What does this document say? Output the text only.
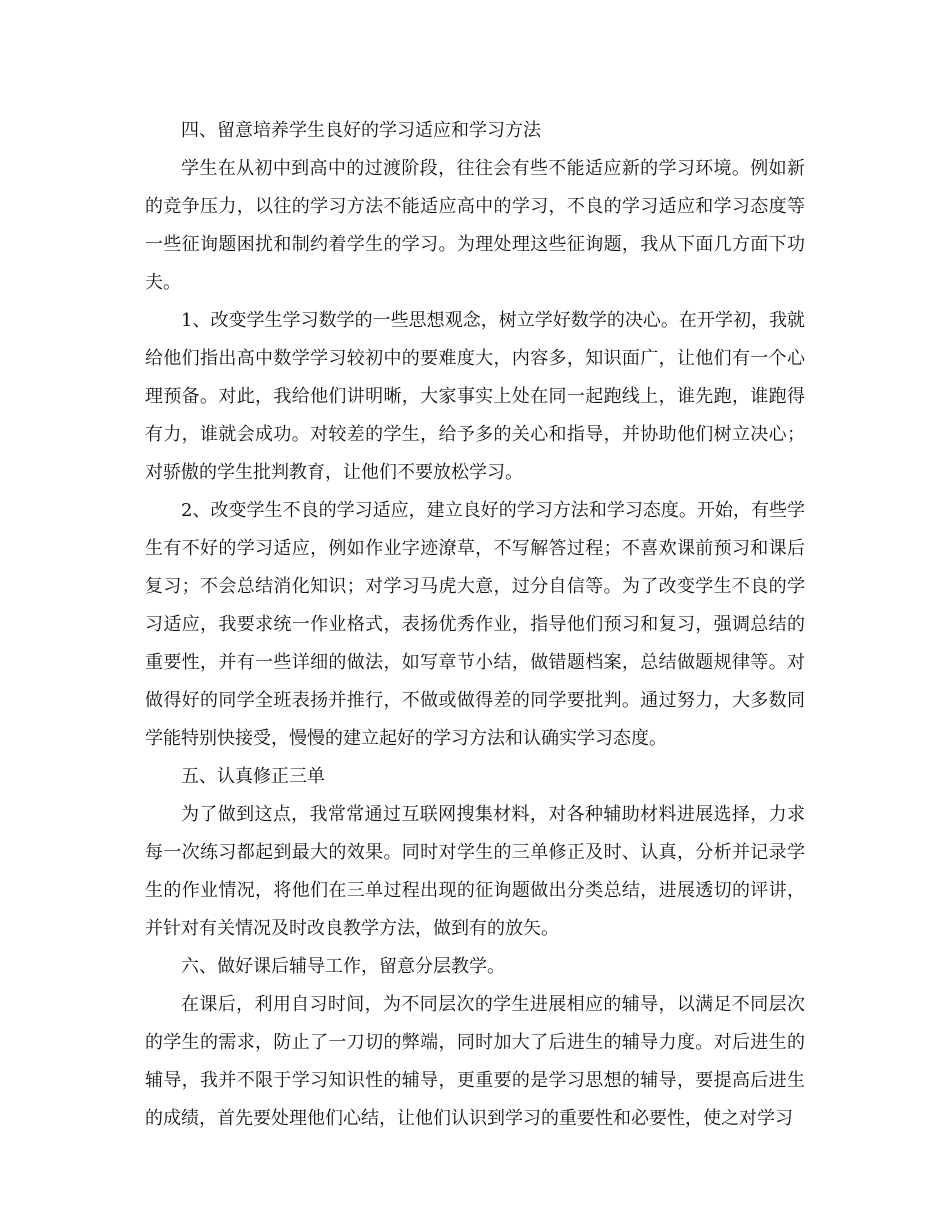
四、留意培养学生良好的学习适应和学习方法

学生在从初中到高中的过渡阶段，往往会有些不能适应新的学习环境。例如新的竞争压力，以往的学习方法不能适应高中的学习，不良的学习适应和学习态度等一些征询题困扰和制约着学生的学习。为理处理这些征询题，我从下面几方面下功夫。

1、改变学生学习数学的一些思想观念，树立学好数学的决心。在开学初，我就给他们指出高中数学学习较初中的要难度大，内容多，知识面广，让他们有一个心理预备。对此，我给他们讲明晰，大家事实上处在同一起跑线上，谁先跑，谁跑得有力，谁就会成功。对较差的学生，给予多的关心和指导，并协助他们树立决心；对骄傲的学生批判教育，让他们不要放松学习。

2、改变学生不良的学习适应，建立良好的学习方法和学习态度。开始，有些学生有不好的学习适应，例如作业字迹潦草，不写解答过程；不喜欢课前预习和课后复习；不会总结消化知识；对学习马虎大意，过分自信等。为了改变学生不良的学习适应，我要求统一作业格式，表扬优秀作业，指导他们预习和复习，强调总结的重要性，并有一些详细的做法，如写章节小结，做错题档案，总结做题规律等。对做得好的同学全班表扬并推行，不做或做得差的同学要批判。通过努力，大多数同学能特别快接受，慢慢的建立起好的学习方法和认确实学习态度。

五、认真修正三单

为了做到这点，我常常通过互联网搜集材料，对各种辅助材料进展选择，力求每一次练习都起到最大的效果。同时对学生的三单修正及时、认真，分析并记录学生的作业情况，将他们在三单过程出现的征询题做出分类总结，进展透切的评讲，并针对有关情况及时改良教学方法，做到有的放矢。

六、做好课后辅导工作，留意分层教学。

在课后，利用自习时间，为不同层次的学生进展相应的辅导，以满足不同层次的学生的需求，防止了一刀切的弊端，同时加大了后进生的辅导力度。对后进生的辅导，我并不限于学习知识性的辅导，更重要的是学习思想的辅导，要提高后进生的成绩，首先要处理他们心结，让他们认识到学习的重要性和必要性，使之对学习
